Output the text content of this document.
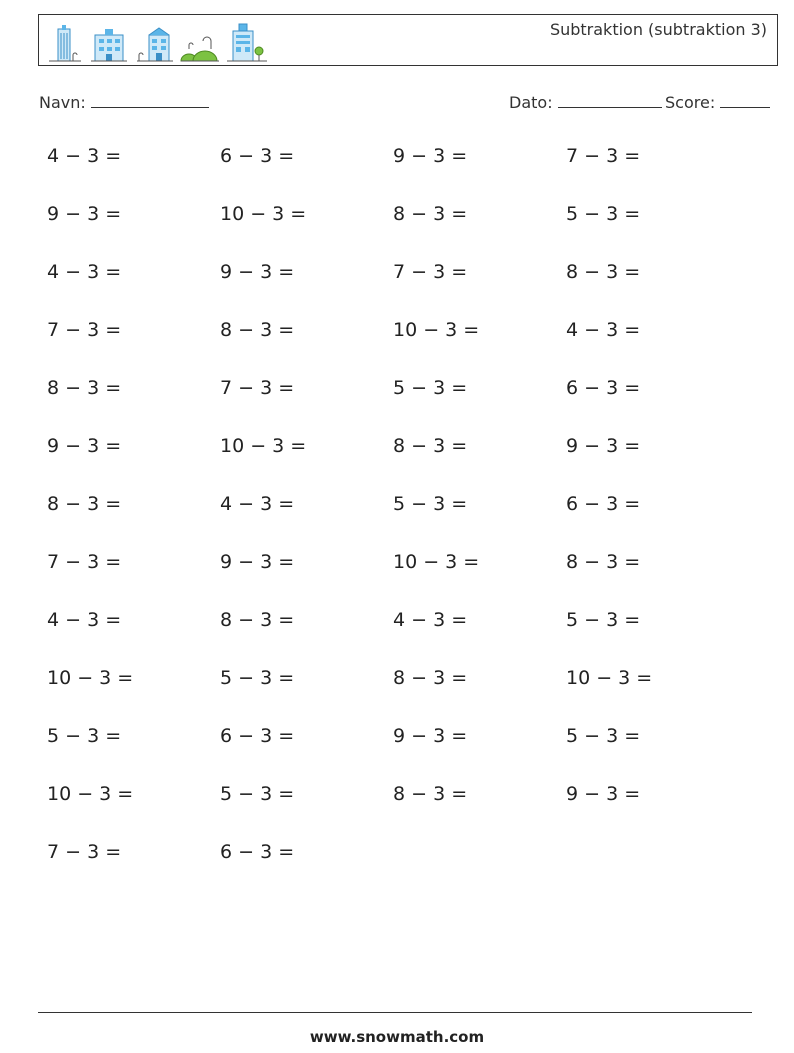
Subtraktion (subtraktion 3)
Navn:	Dato:	Score:
4 − 3 =	6 − 3 =	9 − 3 =	7 − 3 =
9 − 3 =	10 − 3 =	8 − 3 =	5 − 3 =
4 − 3 =	9 − 3 =	7 − 3 =	8 − 3 =
7 − 3 =	8 − 3 =	10 − 3 =	4 − 3 =
8 − 3 =	7 − 3 =	5 − 3 =	6 − 3 =
9 − 3 =	10 − 3 =	8 − 3 =	9 − 3 =
8 − 3 =	4 − 3 =	5 − 3 =	6 − 3 =
7 − 3 =	9 − 3 =	10 − 3 =	8 − 3 =
4 − 3 =	8 − 3 =	4 − 3 =	5 − 3 =
10 − 3 =	5 − 3 =	8 − 3 =	10 − 3 =
5 − 3 =	6 − 3 =	9 − 3 =	5 − 3 =
10 − 3 =	5 − 3 =	8 − 3 =	9 − 3 =
7 − 3 =	6 − 3 =
www.snowmath.com
